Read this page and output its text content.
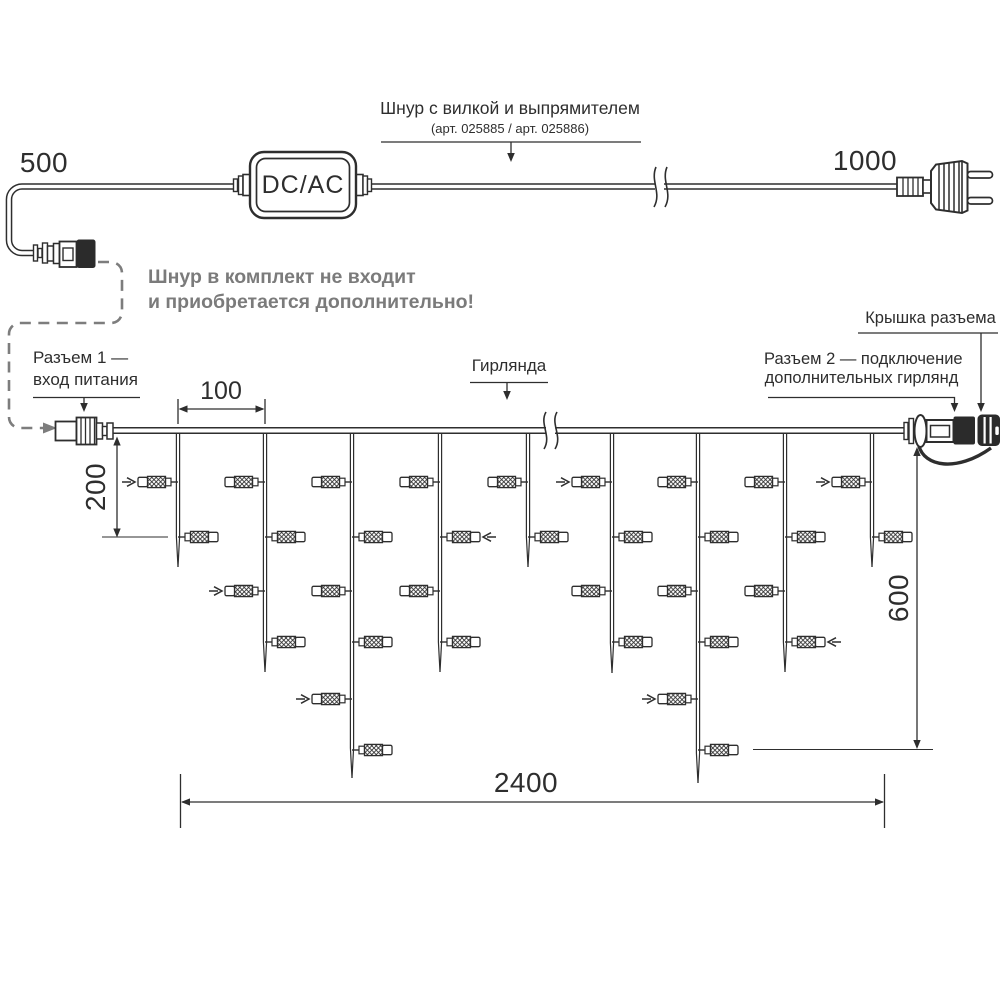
500	1000
Шнур с вилкой и выпрямителем
(арт. 025885 / арт. 025886)
DC/AC
Шнур в комплект не входит
и приобретается дополнительно!
Разъем 1 —
вход питания	100
Гирлянда
Крышка разъема
Разъем 2 — подключение
дополнительных гирлянд
200
600
2400
